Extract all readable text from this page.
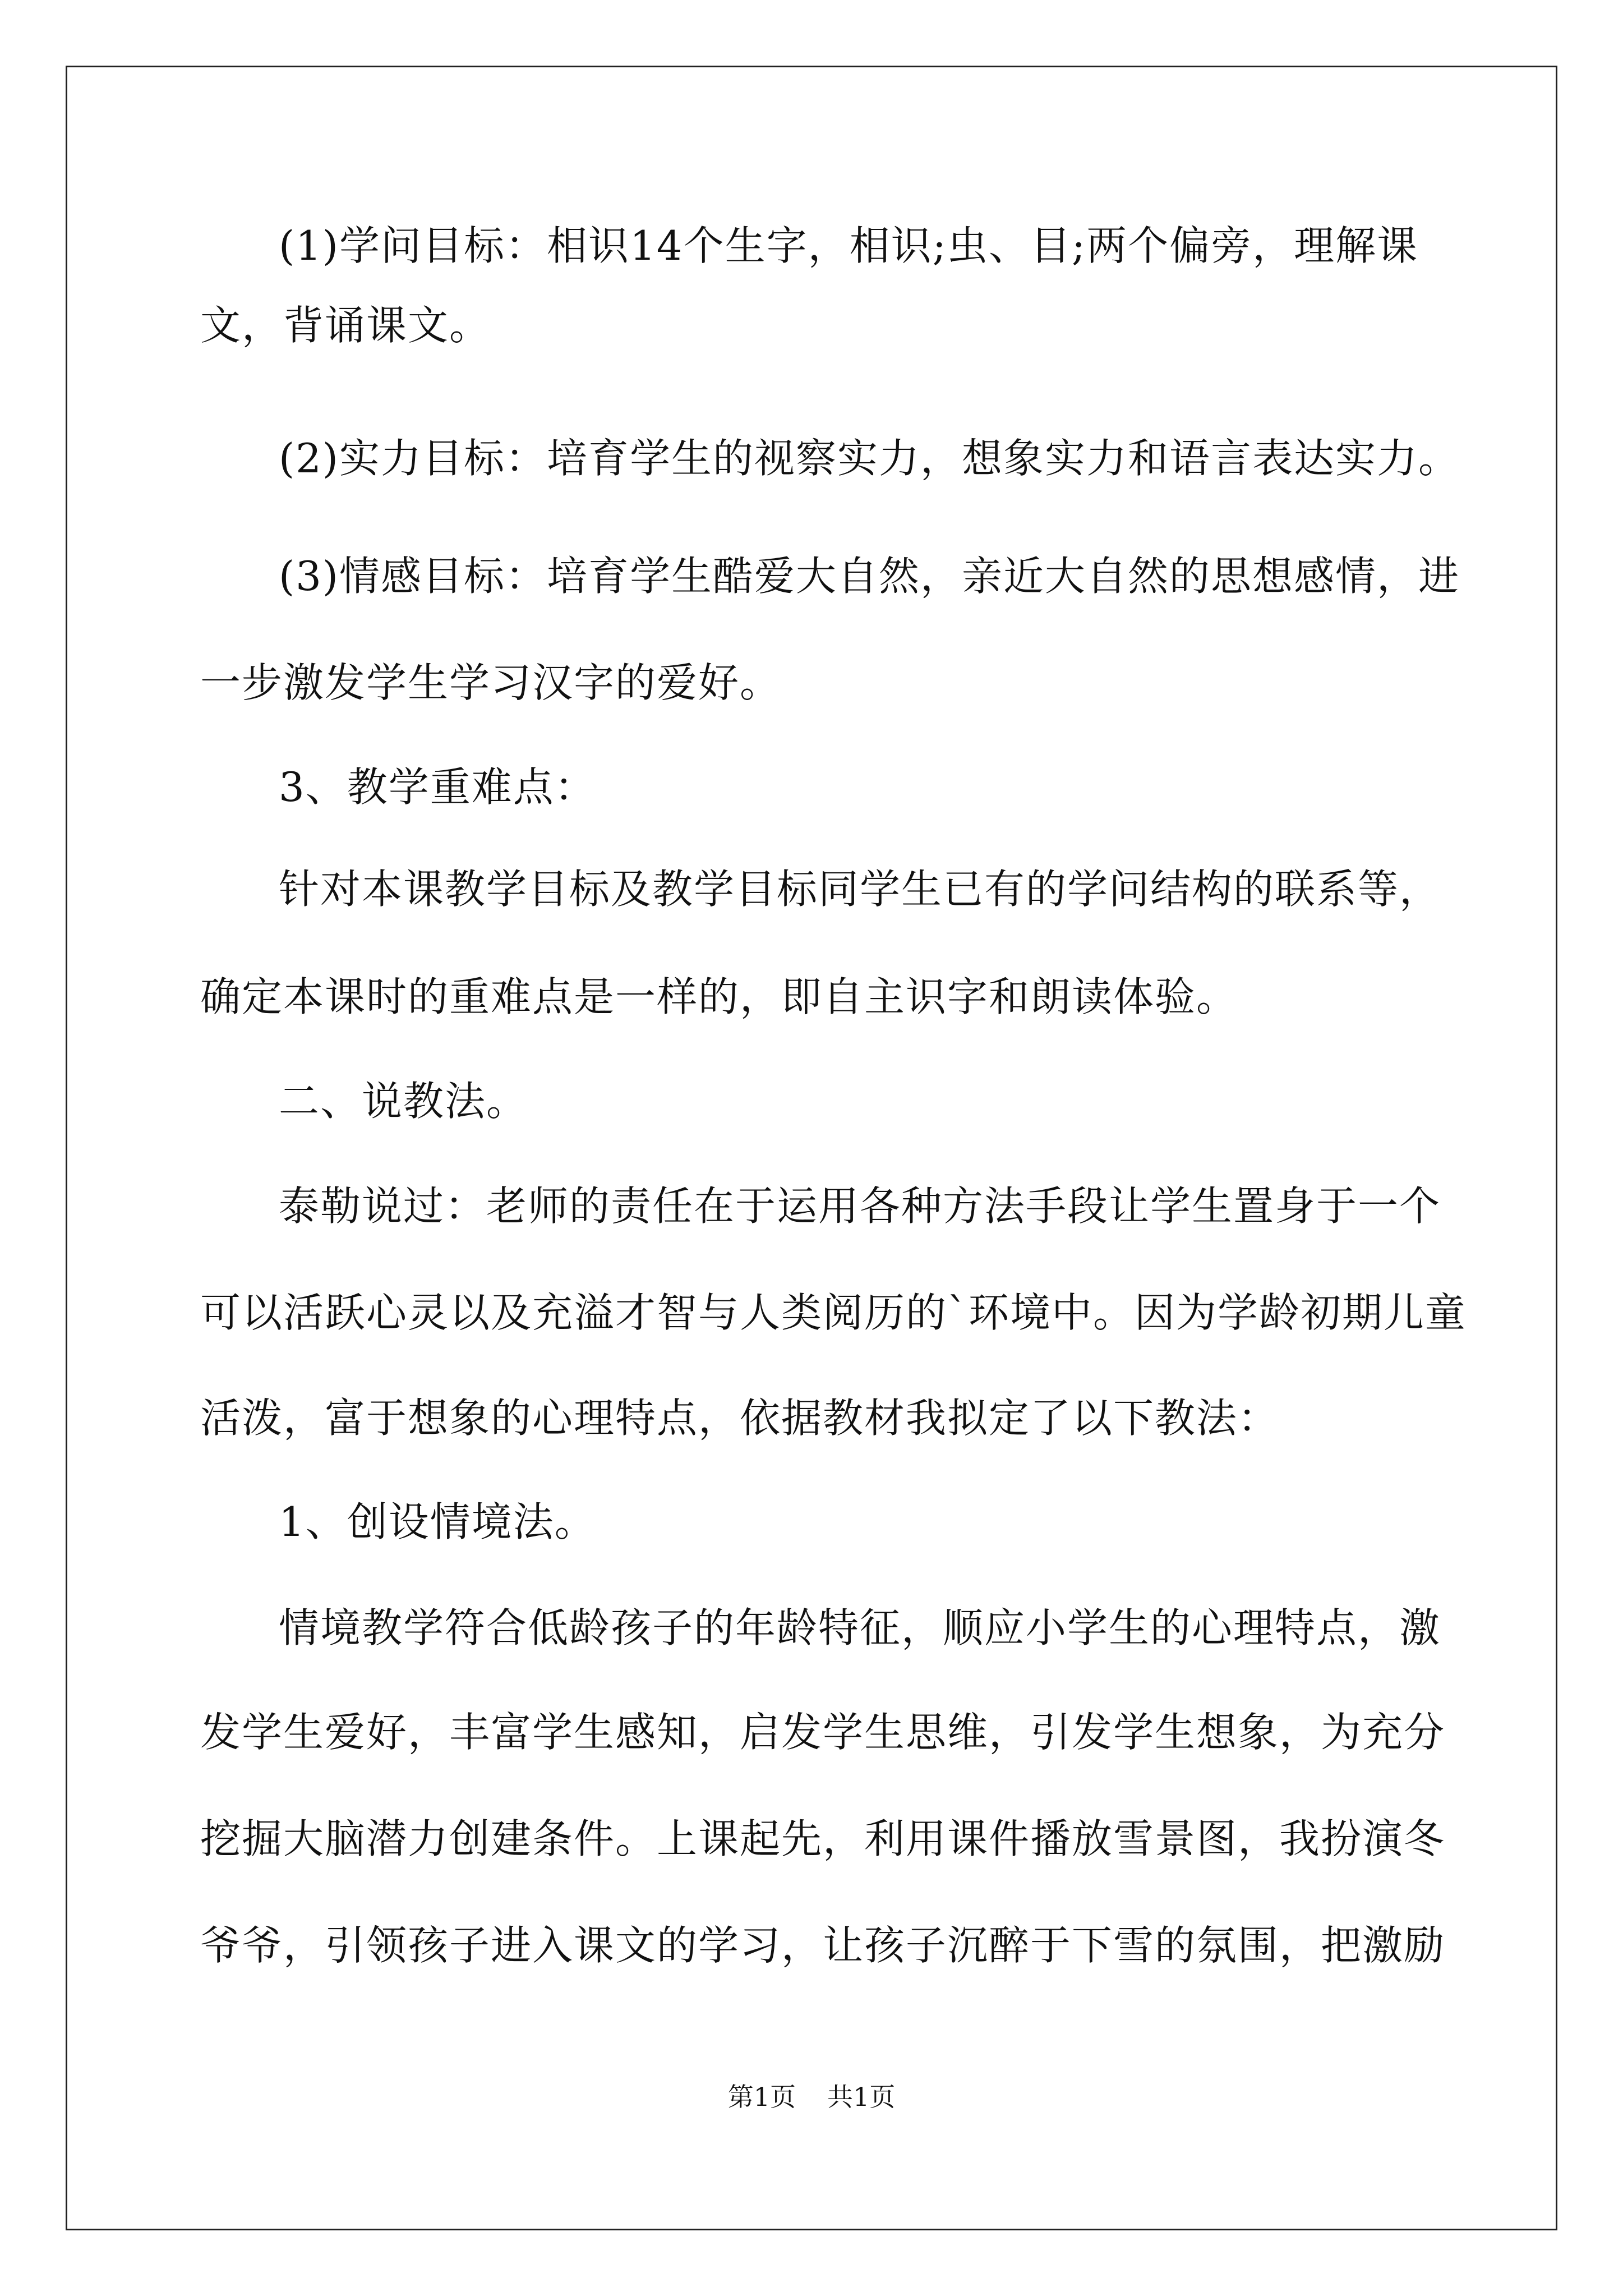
(1)学问目标：相识14个生字，相识;虫、目;两个偏旁，理解课
文，背诵课文。
(2)实力目标：培育学生的视察实力，想象实力和语言表达实力。
(3)情感目标：培育学生酷爱大自然，亲近大自然的思想感情，进
一步激发学生学习汉字的爱好。
3、教学重难点：
针对本课教学目标及教学目标同学生已有的学问结构的联系等，
确定本课时的重难点是一样的，即自主识字和朗读体验。
二、说教法。
泰勒说过：老师的责任在于运用各种方法手段让学生置身于一个
可以活跃心灵以及充溢才智与人类阅历的`环境中。因为学龄初期儿童
活泼，富于想象的心理特点，依据教材我拟定了以下教法：
1、创设情境法。
情境教学符合低龄孩子的年龄特征，顺应小学生的心理特点，激
发学生爱好，丰富学生感知，启发学生思维，引发学生想象，为充分
挖掘大脑潜力创建条件。上课起先，利用课件播放雪景图，我扮演冬
爷爷，引领孩子进入课文的学习，让孩子沉醉于下雪的氛围，把激励
第1页 共1页
